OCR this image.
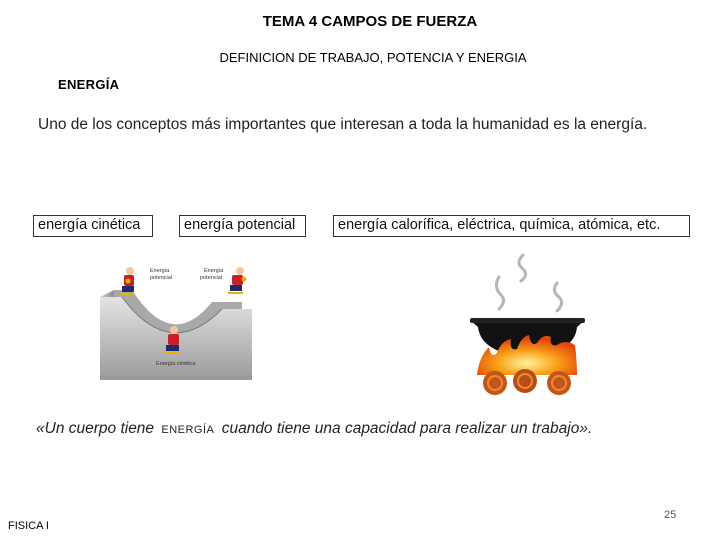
TEMA 4 CAMPOS DE FUERZA
DEFINICION DE TRABAJO, POTENCIA Y ENERGIA
ENERGÍA
Uno de los conceptos más importantes que interesan a toda la humanidad es la energía.
energía cinética	energía potencial	energía calorífica, eléctrica, química, atómica, etc.
Energía
potencial
Energía
potencial
Energía cinética
«Un cuerpo tiene ENERGÍA cuando tiene una capacidad para realizar un trabajo».
FISICA I
25
